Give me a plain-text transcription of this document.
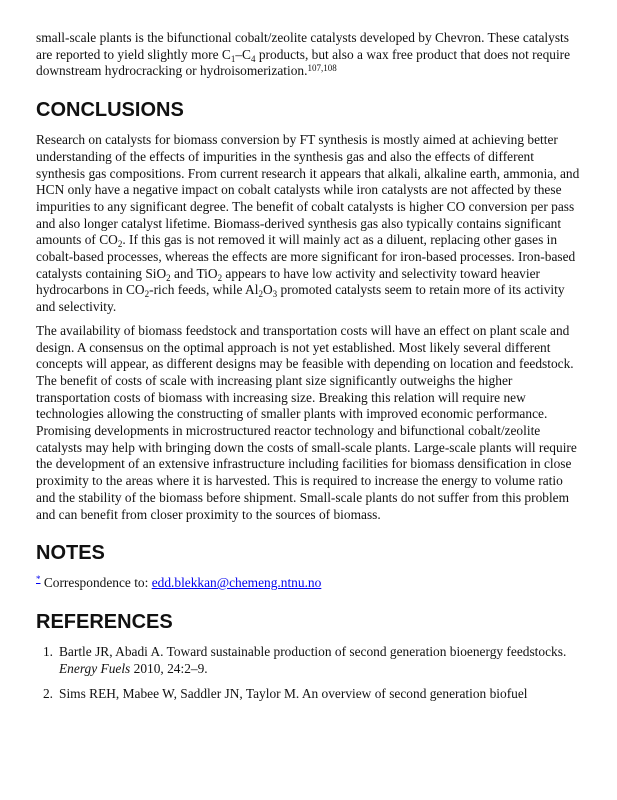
small-scale plants is the bifunctional cobalt/zeolite catalysts developed by Chevron. These catalysts are reported to yield slightly more $C_1-C_4$ products, but also a wax free product that does not require downstream hydrocracking or hydroisomerization.$^{107,108}$

CONCLUSIONS

Research on catalysts for biomass conversion by FT synthesis is mostly aimed at achieving better understanding of the effects of impurities in the synthesis gas and also the effects of different synthesis gas compositions. From current research it appears that alkali, alkaline earth, ammonia, and HCN only have a negative impact on cobalt catalysts while iron catalysts are not affected by these impurities to any significant degree. The benefit of cobalt catalysts is higher CO conversion per pass and also longer catalyst lifetime. Biomass-derived synthesis gas also typically contains significant amounts of $CO_2$. If this gas is not removed it will mainly act as a diluent, replacing other gases in cobalt-based processes, whereas the effects are more significant for iron-based processes. Iron-based catalysts containing SiO$_2$ and TiO$_2$ appears to have low activity and selectivity toward heavier hydrocarbons in $CO_2$-rich feeds, while $Al_2O_3$ promoted catalysts seem to retain more of its activity and selectivity.

The availability of biomass feedstock and transportation costs will have an effect on plant scale and design. A consensus on the optimal approach is not yet established. Most likely several different concepts will appear, as different designs may be feasible with depending on location and feedstock. The benefit of costs of scale with increasing plant size significantly outweighs the higher transportation costs of biomass with increasing size. Breaking this relation will require new technologies allowing the constructing of smaller plants with improved economic performance. Promising developments in microstructured reactor technology and bifunctional cobalt/zeolite catalysts may help with bringing down the costs of small-scale plants. Large-scale plants will require the development of an extensive infrastructure including facilities for biomass densification in close proximity to the areas where it is harvested. This is required to increase the energy to volume ratio and the stability of the biomass before shipment. Small-scale plants do not suffer from this problem and can benefit from closer proximity to the sources of biomass.

NOTES

* Correspondence to: edd.blekkan@chemeng.ntnu.no

REFERENCES
1. Bartle JR, Abadi A. Toward sustainable production of second generation bioenergy feedstocks. Energy Fuels 2010, 24:2–9.
2. Sims REH, Mabee W, Saddler JN, Taylor M. An overview of second generation biofuel
